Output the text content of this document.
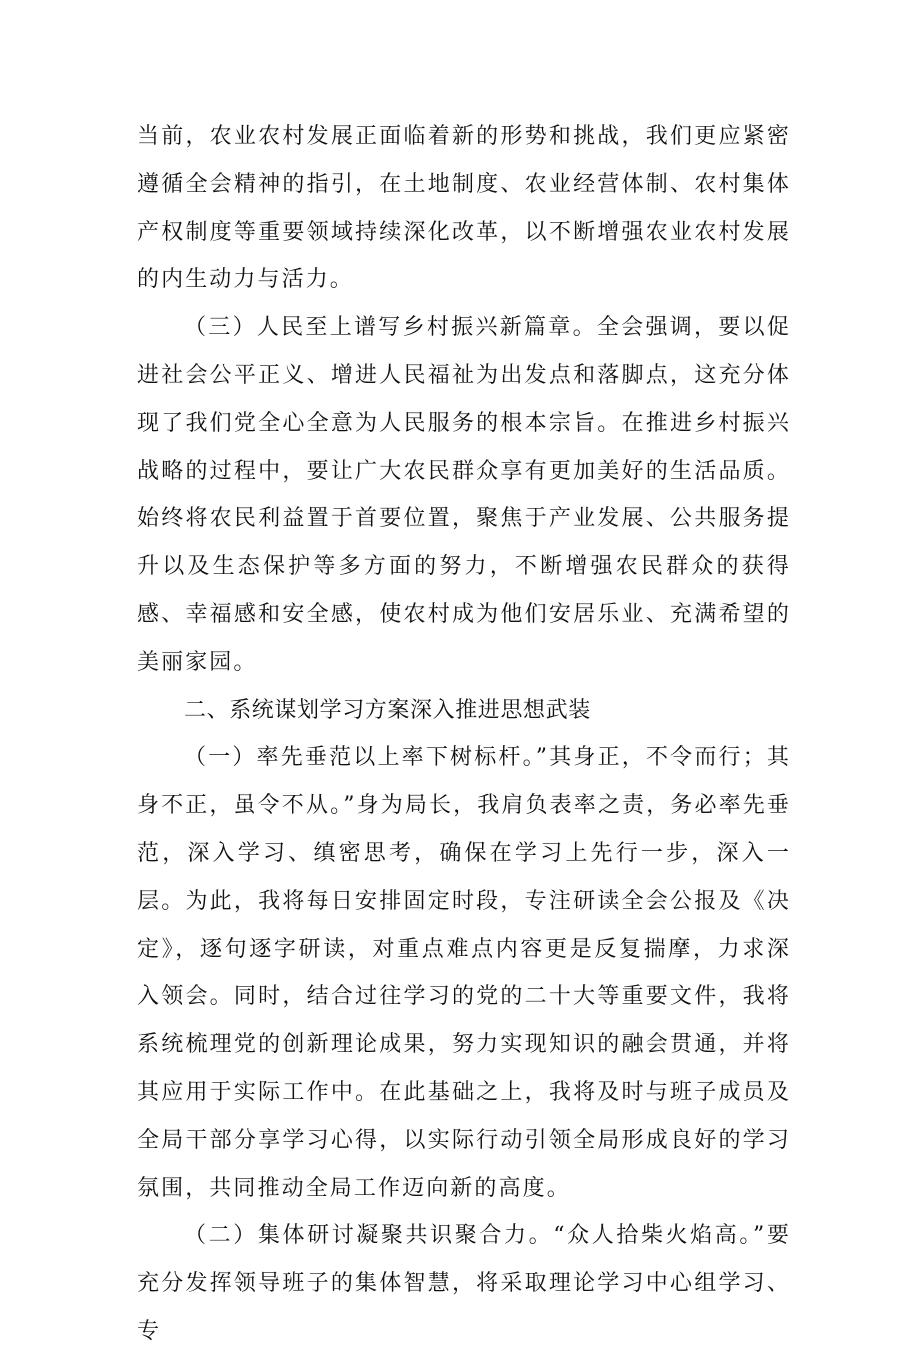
当前，农业农村发展正面临着新的形势和挑战，我们更应紧密遵循全会精神的指引，在土地制度、农业经营体制、农村集体产权制度等重要领域持续深化改革，以不断增强农业农村发展的内生动力与活力。

（三）人民至上谱写乡村振兴新篇章。全会强调，要以促进社会公平正义、增进人民福祉为出发点和落脚点，这充分体现了我们党全心全意为人民服务的根本宗旨。在推进乡村振兴战略的过程中，要让广大农民群众享有更加美好的生活品质。始终将农民利益置于首要位置，聚焦于产业发展、公共服务提升以及生态保护等多方面的努力，不断增强农民群众的获得感、幸福感和安全感，使农村成为他们安居乐业、充满希望的美丽家园。

二、系统谋划学习方案深入推进思想武装

（一）率先垂范以上率下树标杆。”其身正，不令而行；其身不正，虽令不从。”身为局长，我肩负表率之责，务必率先垂范，深入学习、缜密思考，确保在学习上先行一步，深入一层。为此，我将每日安排固定时段，专注研读全会公报及《决定》，逐句逐字研读，对重点难点内容更是反复揣摩，力求深入领会。同时，结合过往学习的党的二十大等重要文件，我将系统梳理党的创新理论成果，努力实现知识的融会贯通，并将其应用于实际工作中。在此基础之上，我将及时与班子成员及全局干部分享学习心得，以实际行动引领全局形成良好的学习氛围，共同推动全局工作迈向新的高度。

（二）集体研讨凝聚共识聚合力。“众人拾柴火焰高。”要充分发挥领导班子的集体智慧，将采取理论学习中心组学习、专
